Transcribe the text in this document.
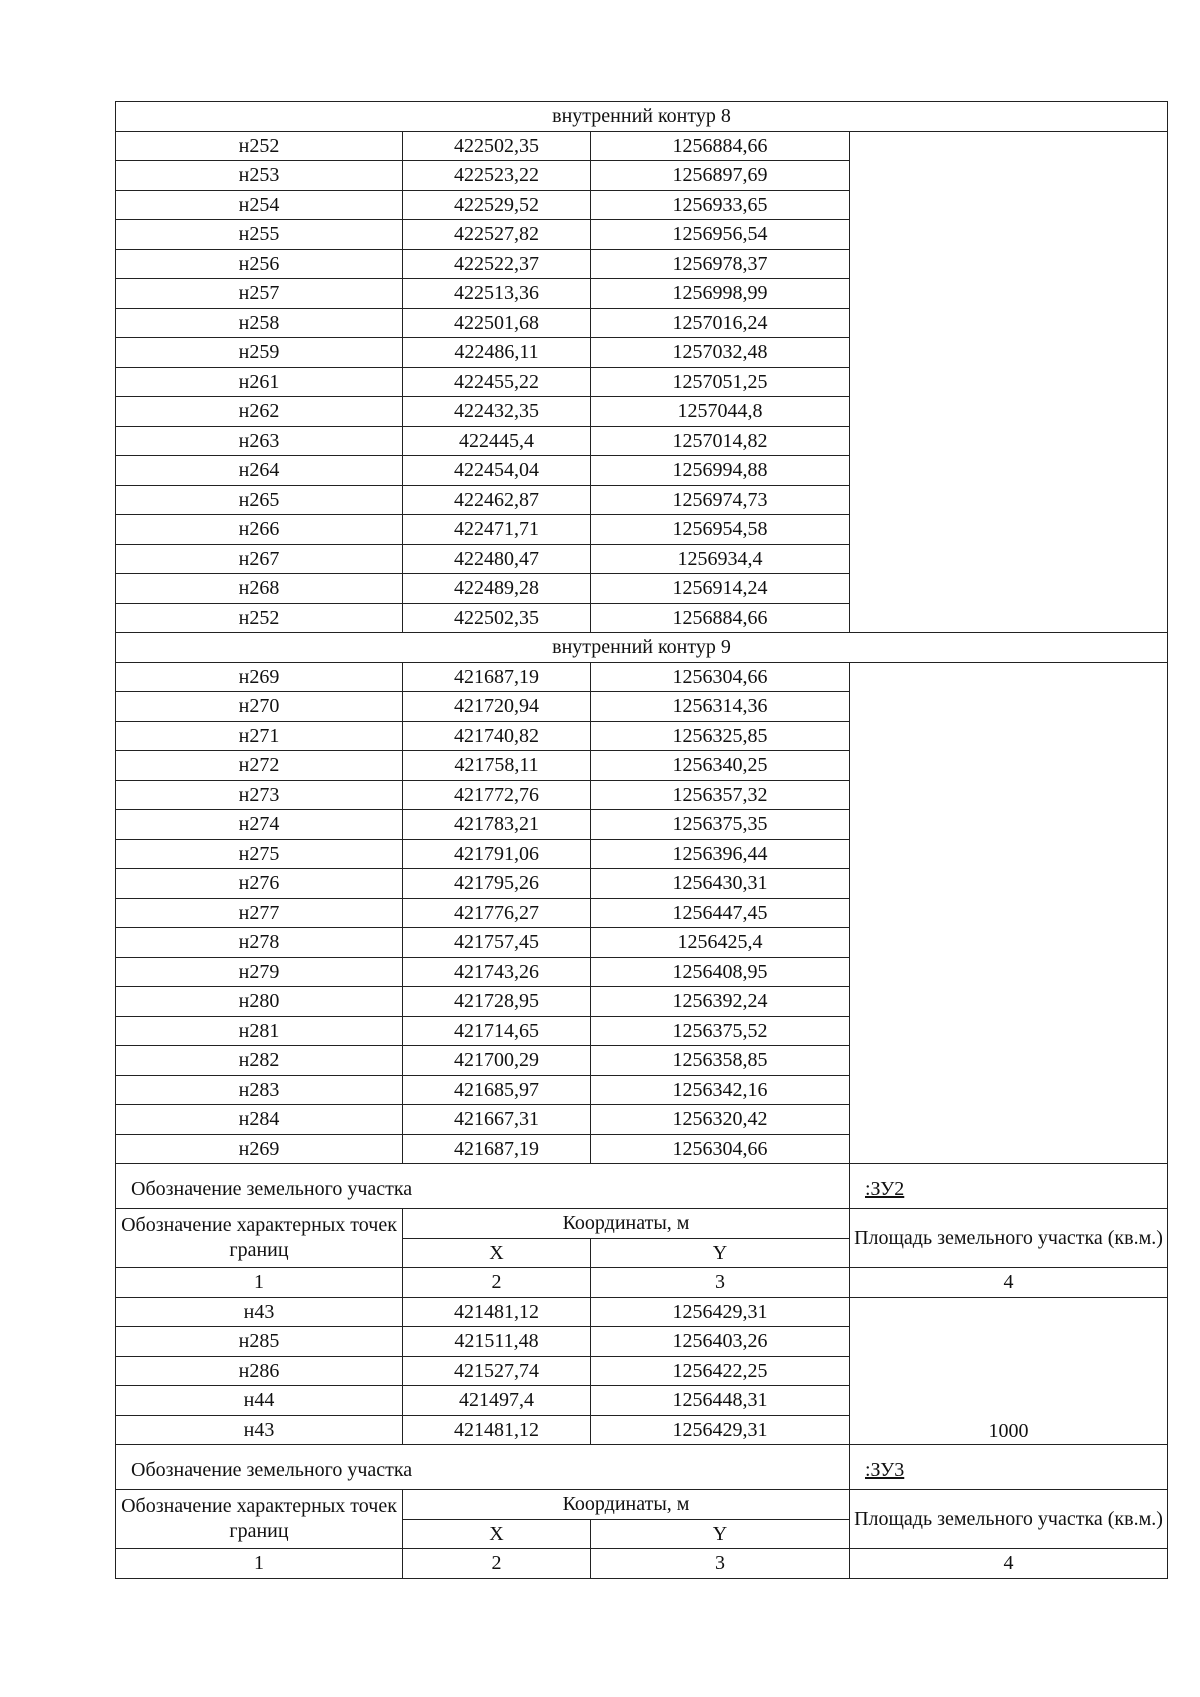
внутренний контур 8			
н252	422502,35	1256884,66	
н253	422523,22	1256897,69	
н254	422529,52	1256933,65	
н255	422527,82	1256956,54	
н256	422522,37	1256978,37	
н257	422513,36	1256998,99	
н258	422501,68	1257016,24	
н259	422486,11	1257032,48	
н261	422455,22	1257051,25	
н262	422432,35	1257044,8	
н263	422445,4	1257014,82	
н264	422454,04	1256994,88	
н265	422462,87	1256974,73	
н266	422471,71	1256954,58	
н267	422480,47	1256934,4	
н268	422489,28	1256914,24	
н252	422502,35	1256884,66	
внутренний контур 9			
н269	421687,19	1256304,66	
н270	421720,94	1256314,36	
н271	421740,82	1256325,85	
н272	421758,11	1256340,25	
н273	421772,76	1256357,32	
н274	421783,21	1256375,35	
н275	421791,06	1256396,44	
н276	421795,26	1256430,31	
н277	421776,27	1256447,45	
н278	421757,45	1256425,4	
н279	421743,26	1256408,95	
н280	421728,95	1256392,24	
н281	421714,65	1256375,52	
н282	421700,29	1256358,85	
н283	421685,97	1256342,16	
н284	421667,31	1256320,42	
н269	421687,19	1256304,66	
Обозначение земельного участка			:ЗУ2
Обозначение характерных точек границ	Координаты, м		Площадь земельного участка (кв.м.)
	X	Y	
1	2	3	4
н43	421481,12	1256429,31	1000
н285	421511,48	1256403,26	
н286	421527,74	1256422,25	
н44	421497,4	1256448,31	
н43	421481,12	1256429,31	
Обозначение земельного участка			:ЗУ3
Обозначение характерных точек границ	Координаты, м		Площадь земельного участка (кв.м.)
	X	Y	
1	2	3	4
